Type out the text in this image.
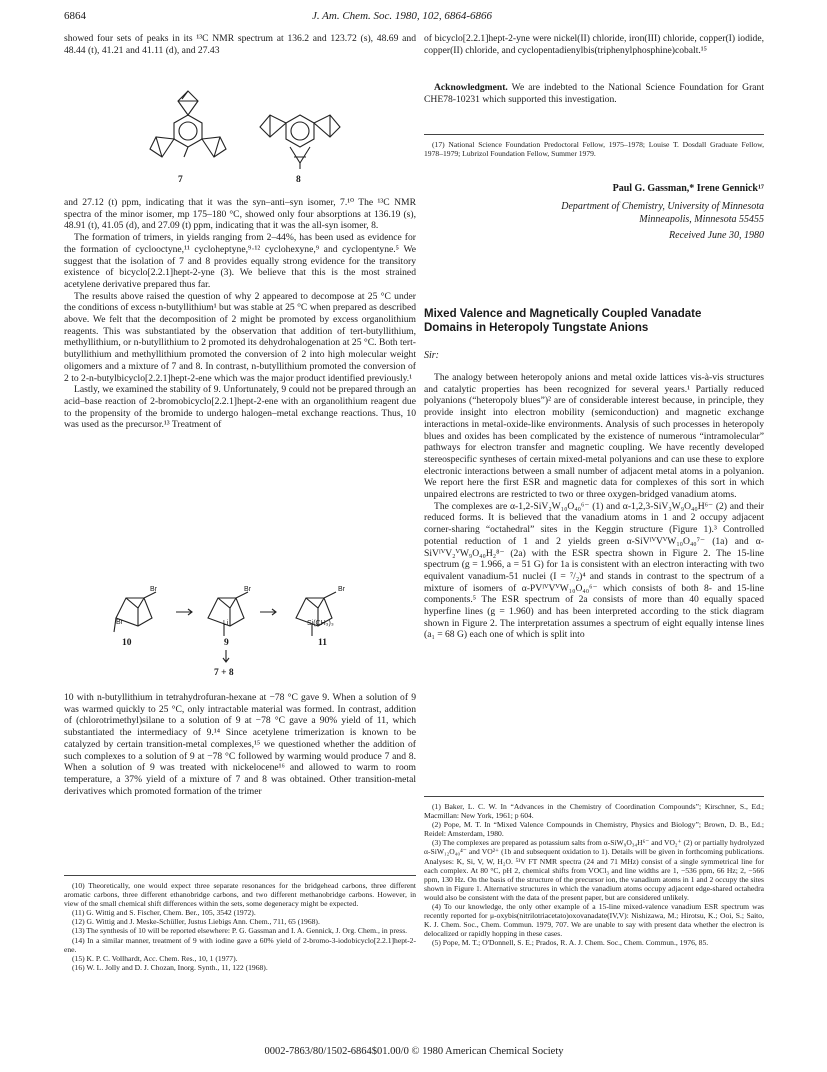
6864	J. Am. Chem. Soc. 1980, 102, 6864-6866

showed four sets of peaks in its ¹³C NMR spectrum at 136.2 and 123.72 (s), 48.69 and 48.44 (t), 41.21 and 41.11 (d), and 27.43

7	8

and 27.12 (t) ppm, indicating that it was the syn–anti–syn isomer, 7.¹⁰ The ¹³C NMR spectra of the minor isomer, mp 175–180 °C, showed only four absorptions at 136.19 (s), 48.91 (t), 41.05 (d), and 27.09 (t) ppm, indicating that it was the all-syn isomer, 8.

The formation of trimers, in yields ranging from 2–44%, has been used as evidence for the formation of cyclooctyne,¹¹ cycloheptyne,⁹·¹² cyclohexyne,⁹ and cyclopentyne.⁵ We suggest that the isolation of 7 and 8 provides equally strong evidence for the transitory existence of bicyclo[2.2.1]hept-2-yne (3). We believe that this is the most strained acetylene derivative prepared thus far.

The results above raised the question of why 2 appeared to decompose at 25 °C under the conditions of excess n-butyllithium¹ but was stable at 25 °C when prepared as described above. We felt that the decomposition of 2 might be promoted by excess organolithium reagents. This was substantiated by the observation that addition of tert-butyllithium, methyllithium, or n-butyllithium to 2 promoted its dehydrohalogenation at 25 °C. Both tert-butyllithium and methyllithium promoted the conversion of 2 into high molecular weight oligomers and a mixture of 7 and 8. In contrast, n-butyllithium promoted the conversion of 2 to 2-n-butylbicyclo[2.2.1]hept-2-ene which was the major product identified previously.¹

Lastly, we examined the stability of 9. Unfortunately, 9 could not be prepared through an acid–base reaction of 2-bromobicyclo[2.2.1]hept-2-ene with an organolithium reagent due to the propensity of the bromide to undergo halogen–metal exchange reactions. Thus, 10 was used as the precursor.¹³ Treatment of

Br
Br
Br
Li
Br
Si(CH₃)₃
10	9	11
7 + 8

10 with n-butyllithium in tetrahydrofuran-hexane at −78 °C gave 9. When a solution of 9 was warmed quickly to 25 °C, only intractable material was formed. In contrast, addition of (chlorotrimethyl)silane to a solution of 9 at −78 °C gave a 90% yield of 11, which substantiated the intermediacy of 9.¹⁴ Since acetylene trimerization is known to be catalyzed by certain transition-metal complexes,¹⁵ we questioned whether the addition of such complexes to a solution of 9 at −78 °C followed by warming would produce 7 and 8. When a solution of 9 was treated with nickelocene¹⁶ and allowed to warm to room temperature, a 37% yield of a mixture of 7 and 8 was obtained. Other transition-metal derivatives which promoted formation of the trimer

(10) Theoretically, one would expect three separate resonances for the bridgehead carbons, three different aromatic carbons, three different ethanobridge carbons, and two different methanobridge carbons. However, in view of the small chemical shift differences within the sets, some degeneracy might be expected.

(11) G. Wittig and S. Fischer, Chem. Ber., 105, 3542 (1972).

(12) G. Wittig and J. Meske-Schüller, Justus Liebigs Ann. Chem., 711, 65 (1968).

(13) The synthesis of 10 will be reported elsewhere: P. G. Gassman and I. A. Gennick, J. Org. Chem., in press.

(14) In a similar manner, treatment of 9 with iodine gave a 60% yield of 2-bromo-3-iodobicyclo[2.2.1]hept-2-ene.

(15) K. P. C. Vollhardt, Acc. Chem. Res., 10, 1 (1977).

(16) W. L. Jolly and D. J. Chozan, Inorg. Synth., 11, 122 (1968).

of bicyclo[2.2.1]hept-2-yne were nickel(II) chloride, iron(III) chloride, copper(I) iodide, copper(II) chloride, and cyclopentadienylbis(triphenylphosphine)cobalt.¹⁵

Acknowledgment. We are indebted to the National Science Foundation for Grant CHE78-10231 which supported this investigation.

(17) National Science Foundation Predoctoral Fellow, 1975–1978; Louise T. Dosdall Graduate Fellow, 1978–1979; Lubrizol Foundation Fellow, Summer 1979.

Paul G. Gassman,* Irene Gennick¹⁷
Department of Chemistry, University of Minnesota
Minneapolis, Minnesota 55455
Received June 30, 1980
Mixed Valence and Magnetically Coupled Vanadate Domains in Heteropoly Tungstate Anions
Sir:

The analogy between heteropoly anions and metal oxide lattices vis-à-vis structures and catalytic properties has been recognized for several years.¹ Partially reduced polyanions (“heteropoly blues”)² are of considerable interest because, in principle, they provide insight into electron mobility (semiconduction) and magnetic exchange interactions in metal-oxide-like environments. Analysis of such processes in heteropoly blues and oxides has been complicated by the existence of numerous “intramolecular” pathways for electron transfer and magnetic coupling. We have recently developed stereospecific syntheses of certain mixed-metal polyanions and can use these to explore electronic interactions between a small number of adjacent metal atoms in a polyanion. We report here the first ESR and magnetic data for complexes of this sort in which unpaired electrons are restricted to two or three oxygen-bridged vanadium atoms.

The complexes are α-1,2-SiV₂W₁₀O₄₀⁶⁻ (1) and α-1,2,3-SiV₃W₉O₄₀H⁶⁻ (2) and their reduced forms. It is believed that the vanadium atoms in 1 and 2 occupy adjacent corner-sharing “octahedral” sites in the Keggin structure (Figure 1).³ Controlled potential reduction of 1 and 2 yields green α-SiVᴵⱽVⱽW₁₀O₄₀⁷⁻ (1a) and α-SiVᴵⱽV₂ⱽW₉O₄₀H₂⁸⁻ (2a) with the ESR spectra shown in Figure 2. The 15-line spectrum (g = 1.966, a = 51 G) for 1a is consistent with an electron interacting with two equivalent vanadium-51 nuclei (I = ⁷/₂)⁴ and stands in contrast to the spectrum of a mixture of isomers of α-PVᴵⱽVⱽW₁₀O₄₀⁶⁻ which consists of both 8- and 15-line components.⁵ The ESR spectrum of 2a consists of more than 40 equally spaced hyperfine lines (g = 1.960) and has been interpreted according to the stick diagram shown in Figure 2. The interpretation assumes a spectrum of eight equally intense lines (a₁ = 68 G) each one of which is split into

(1) Baker, L. C. W. In “Advances in the Chemistry of Coordination Compounds”; Kirschner, S., Ed.; Macmillan: New York, 1961; p 604.

(2) Pope, M. T. In “Mixed Valence Compounds in Chemistry, Physics and Biology”; Brown, D. B., Ed.; Reidel: Amsterdam, 1980.

(3) The complexes are prepared as potassium salts from α-SiW₉O₃₄H⁶⁻ and VO₂⁺ (2) or partially hydrolyzed α-SiW₁₂O₄₀⁴⁻ and VO²⁺ (1b and subsequent oxidation to 1). Details will be given in forthcoming publications. Analyses: K, Si, V, W, H₂O. ⁵¹V FT NMR spectra (24 and 71 MHz) consist of a single symmetrical line for each complex. At 80 °C, pH 2, chemical shifts from VOCl₃ and line widths are 1, −536 ppm, 66 Hz; 2, −566 ppm, 130 Hz. On the basis of the structure of the precursor ion, the vanadium atoms in 1 and 2 occupy the sites shown in Figure 1. Alternative structures in which the vanadium atoms occupy adjacent edge-shared octahedra would also be consistent with the data of the present paper, but are considered unlikely.

(4) To our knowledge, the only other example of a 15-line mixed-valence vanadium ESR spectrum was recently reported for μ-oxybis(nitrilotriacetato)oxovanadate(IV,V): Nishizawa, M.; Hirotsu, K.; Ooi, S.; Saito, K. J. Chem. Soc., Chem. Commun. 1979, 707. We are unable to say with present data whether the electron is delocalized or rapidly hopping in these cases.

(5) Pope, M. T.; O'Donnell, S. E.; Prados, R. A. J. Chem. Soc., Chem. Commun., 1976, 85.

0002-7863/80/1502-6864$01.00/0 © 1980 American Chemical Society
